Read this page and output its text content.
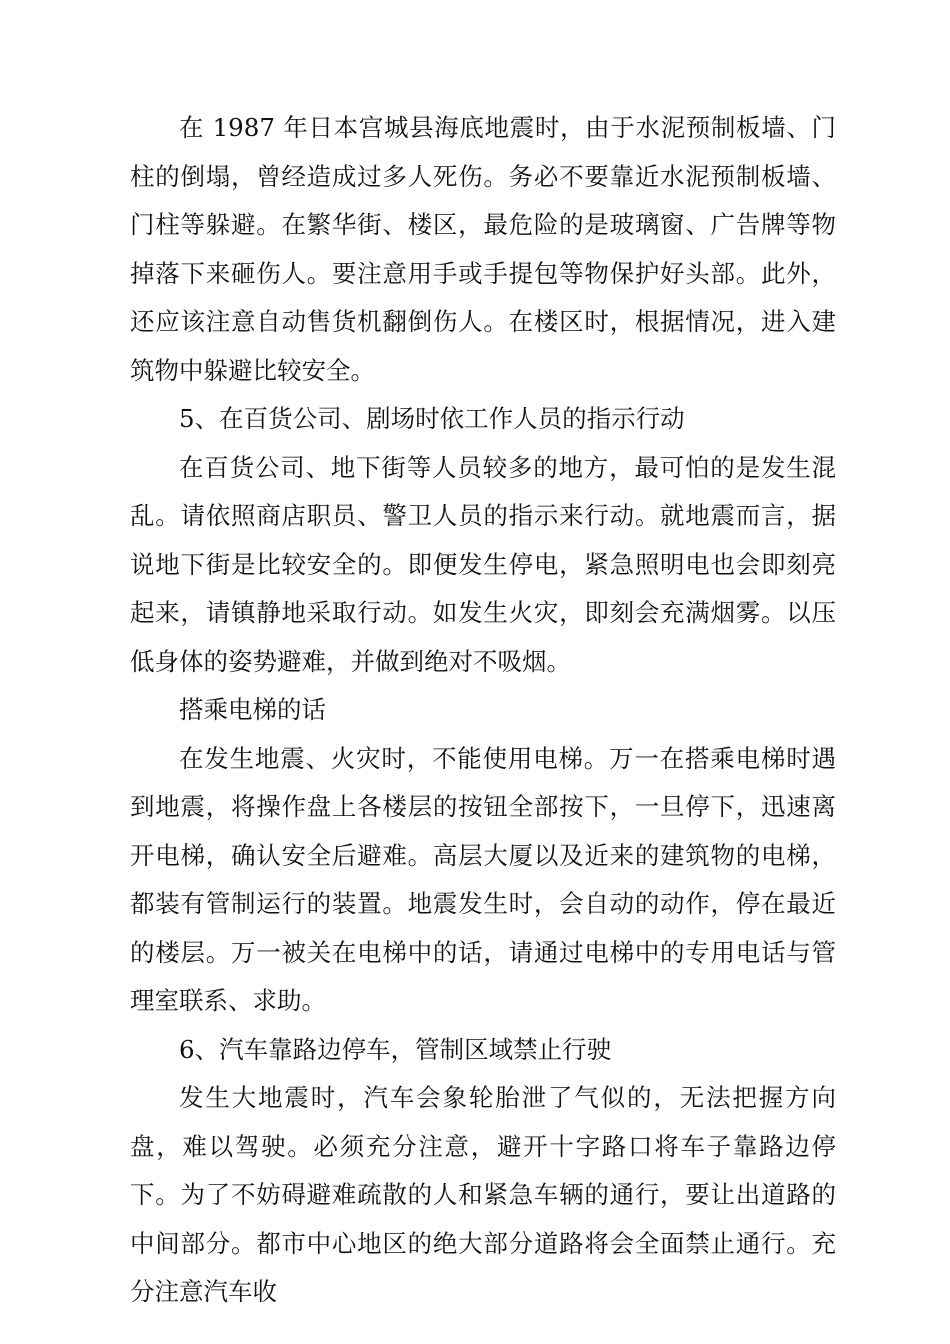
在 1987 年日本宫城县海底地震时，由于水泥预制板墙、门柱的倒塌，曾经造成过多人死伤。务必不要靠近水泥预制板墙、门柱等躲避。在繁华街、楼区，最危险的是玻璃窗、广告牌等物掉落下来砸伤人。要注意用手或手提包等物保护好头部。此外，还应该注意自动售货机翻倒伤人。在楼区时，根据情况，进入建筑物中躲避比较安全。

5、在百货公司、剧场时依工作人员的指示行动

在百货公司、地下街等人员较多的地方，最可怕的是发生混乱。请依照商店职员、警卫人员的指示来行动。就地震而言，据说地下街是比较安全的。即便发生停电，紧急照明电也会即刻亮起来，请镇静地采取行动。如发生火灾，即刻会充满烟雾。以压低身体的姿势避难，并做到绝对不吸烟。

搭乘电梯的话

在发生地震、火灾时，不能使用电梯。万一在搭乘电梯时遇到地震，将操作盘上各楼层的按钮全部按下，一旦停下，迅速离开电梯，确认安全后避难。高层大厦以及近来的建筑物的电梯，都装有管制运行的装置。地震发生时，会自动的动作，停在最近的楼层。万一被关在电梯中的话，请通过电梯中的专用电话与管理室联系、求助。

6、汽车靠路边停车，管制区域禁止行驶

发生大地震时，汽车会象轮胎泄了气似的，无法把握方向盘，难以驾驶。必须充分注意，避开十字路口将车子靠路边停下。为了不妨碍避难疏散的人和紧急车辆的通行，要让出道路的中间部分。都市中心地区的绝大部分道路将会全面禁止通行。充分注意汽车收
